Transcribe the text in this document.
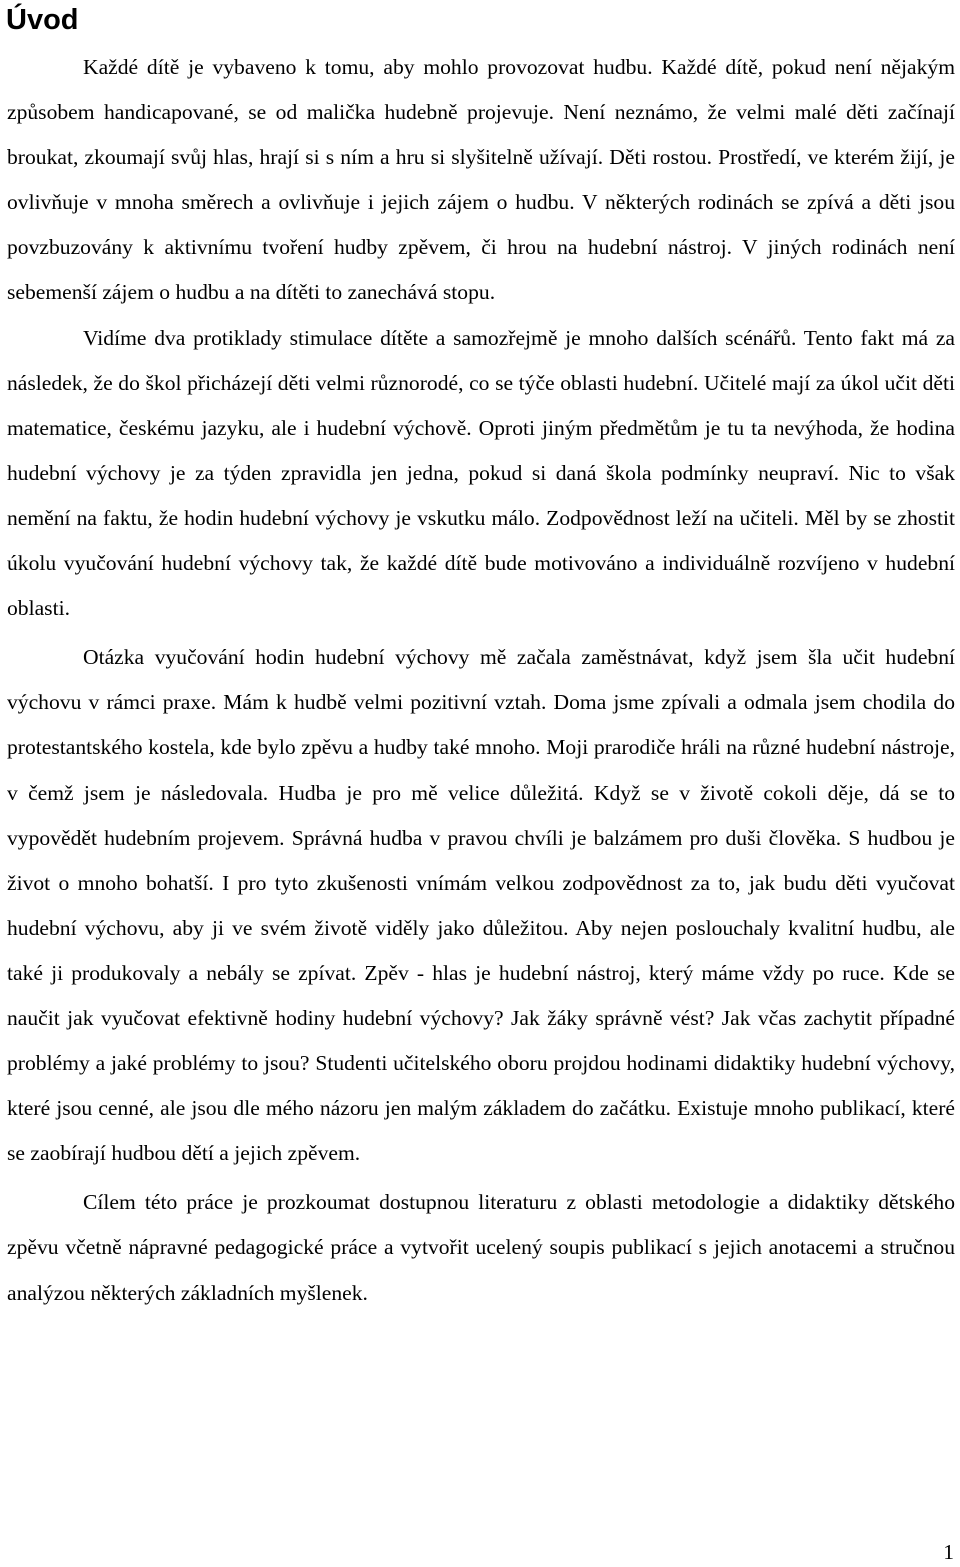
Úvod

Každé dítě je vybaveno k tomu, aby mohlo provozovat hudbu. Každé dítě, pokud není nějakým způsobem handicapované, se od malička hudebně projevuje. Není neznámo, že velmi malé děti začínají broukat, zkoumají svůj hlas, hrají si s ním a hru si slyšitelně užívají. Děti rostou. Prostředí, ve kterém žijí, je ovlivňuje v mnoha směrech a ovlivňuje i jejich zájem o hudbu. V některých rodinách se zpívá a děti jsou povzbuzovány k aktivnímu tvoření hudby zpěvem, či hrou na hudební nástroj. V jiných rodinách není sebemenší zájem o hudbu a na dítěti to zanechává stopu.

Vidíme dva protiklady stimulace dítěte a samozřejmě je mnoho dalších scénářů. Tento fakt má za následek, že do škol přicházejí děti velmi různorodé, co se týče oblasti hudební. Učitelé mají za úkol učit děti matematice, českému jazyku, ale i hudební výchově. Oproti jiným předmětům je tu ta nevýhoda, že hodina hudební výchovy je za týden zpravidla jen jedna, pokud si daná škola podmínky neupraví. Nic to však nemění na faktu, že hodin hudební výchovy je vskutku málo. Zodpovědnost leží na učiteli. Měl by se zhostit úkolu vyučování hudební výchovy tak, že každé dítě bude motivováno a individuálně rozvíjeno v hudební oblasti.

Otázka vyučování hodin hudební výchovy mě začala zaměstnávat, když jsem šla učit hudební výchovu v rámci praxe. Mám k hudbě velmi pozitivní vztah. Doma jsme zpívali a odmala jsem chodila do protestantského kostela, kde bylo zpěvu a hudby také mnoho. Moji prarodiče hráli na různé hudební nástroje, v čemž jsem je následovala. Hudba je pro mě velice důležitá. Když se v životě cokoli děje, dá se to vypovědět hudebním projevem. Správná hudba v pravou chvíli je balzámem pro duši člověka. S hudbou je život o mnoho bohatší. I pro tyto zkušenosti vnímám velkou zodpovědnost za to, jak budu děti vyučovat hudební výchovu, aby ji ve svém životě viděly jako důležitou. Aby nejen poslouchaly kvalitní hudbu, ale také ji produkovaly a nebály se zpívat. Zpěv - hlas je hudební nástroj, který máme vždy po ruce. Kde se naučit jak vyučovat efektivně hodiny hudební výchovy? Jak žáky správně vést? Jak včas zachytit případné problémy a jaké problémy to jsou? Studenti učitelského oboru projdou hodinami didaktiky hudební výchovy, které jsou cenné, ale jsou dle mého názoru jen malým základem do začátku. Existuje mnoho publikací, které se zaobírají hudbou dětí a jejich zpěvem.

Cílem této práce je prozkoumat dostupnou literaturu z oblasti metodologie a didaktiky dětského zpěvu včetně nápravné pedagogické práce a vytvořit ucelený soupis publikací s jejich anotacemi a stručnou analýzou některých základních myšlenek.

1
